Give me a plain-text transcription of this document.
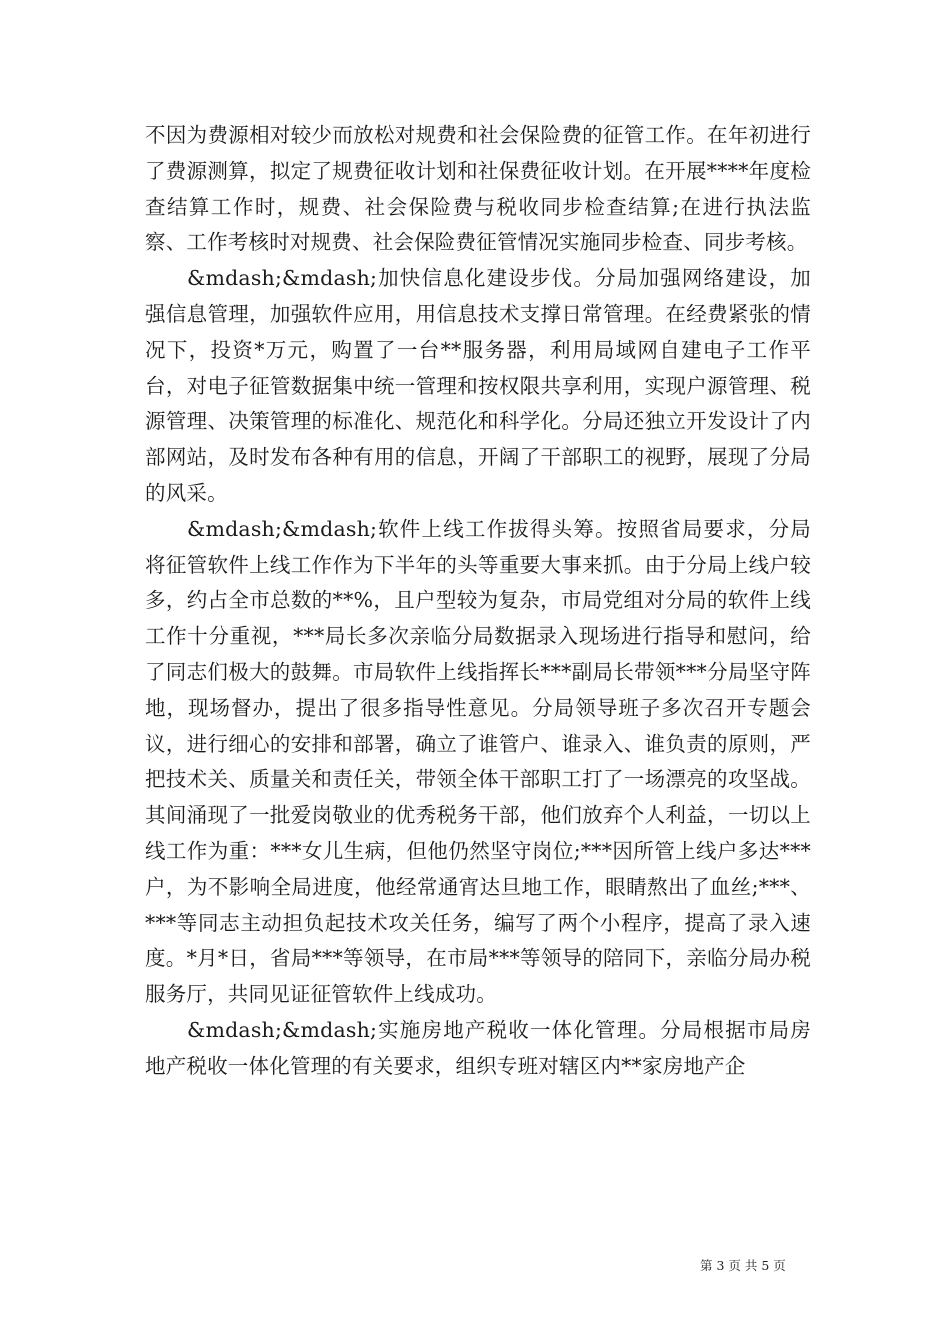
不因为费源相对较少而放松对规费和社会保险费的征管工作。在年初进行了费源测算，拟定了规费征收计划和社保费征收计划。在开展****年度检查结算工作时，规费、社会保险费与税收同步检查结算;在进行执法监察、工作考核时对规费、社会保险费征管情况实施同步检查、同步考核。

&mdash;&mdash;加快信息化建设步伐。分局加强网络建设，加强信息管理，加强软件应用，用信息技术支撑日常管理。在经费紧张的情况下，投资*万元，购置了一台**服务器，利用局域网自建电子工作平台，对电子征管数据集中统一管理和按权限共享利用，实现户源管理、税源管理、决策管理的标准化、规范化和科学化。分局还独立开发设计了内部网站，及时发布各种有用的信息，开阔了干部职工的视野，展现了分局的风采。

&mdash;&mdash;软件上线工作拔得头筹。按照省局要求，分局将征管软件上线工作作为下半年的头等重要大事来抓。由于分局上线户较多，约占全市总数的**%，且户型较为复杂，市局党组对分局的软件上线工作十分重视，***局长多次亲临分局数据录入现场进行指导和慰问，给了同志们极大的鼓舞。市局软件上线指挥长***副局长带领***分局坚守阵地，现场督办，提出了很多指导性意见。分局领导班子多次召开专题会议，进行细心的安排和部署，确立了谁管户、谁录入、谁负责的原则，严把技术关、质量关和责任关，带领全体干部职工打了一场漂亮的攻坚战。其间涌现了一批爱岗敬业的优秀税务干部，他们放弃个人利益，一切以上线工作为重：***女儿生病，但他仍然坚守岗位;***因所管上线户多达***户，为不影响全局进度，他经常通宵达旦地工作，眼睛熬出了血丝;***、***等同志主动担负起技术攻关任务，编写了两个小程序，提高了录入速度。*月*日，省局***等领导，在市局***等领导的陪同下，亲临分局办税服务厅，共同见证征管软件上线成功。

&mdash;&mdash;实施房地产税收一体化管理。分局根据市局房地产税收一体化管理的有关要求，组织专班对辖区内**家房地产企

第 3 页 共 5 页
